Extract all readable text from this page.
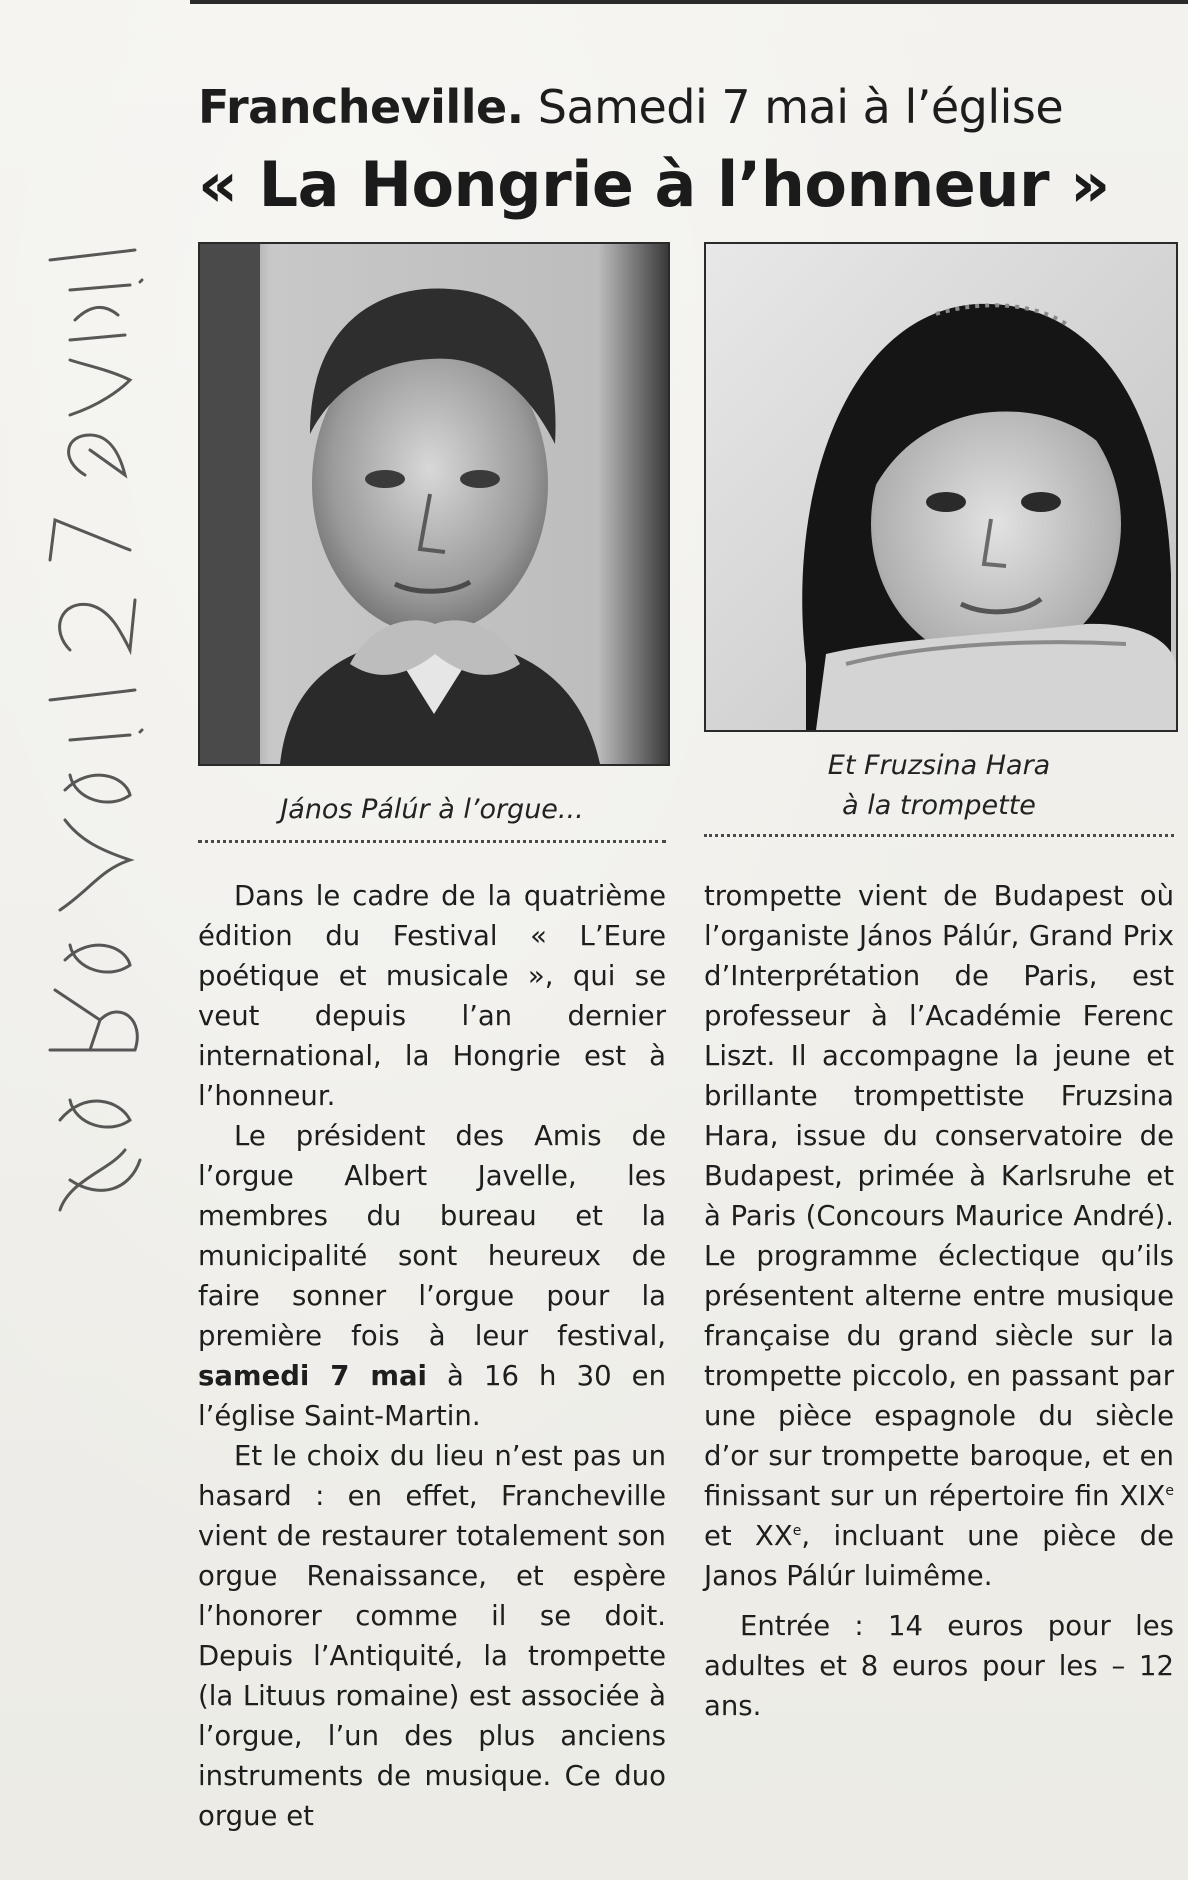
Francheville. Samedi 7 mai à l’église
« La Hongrie à l’honneur »
János Pálúr à l’orgue...
Et Fruzsina Hara
à la trompette

Dans le cadre de la quatrième édition du Festival « L’Eure poétique et musicale », qui se veut depuis l’an dernier international, la Hongrie est à l’honneur.

Le président des Amis de l’orgue Albert Javelle, les membres du bureau et la municipalité sont heureux de faire sonner l’orgue pour la première fois à leur festival, samedi 7 mai à 16 h 30 en l’église Saint-Martin.

Et le choix du lieu n’est pas un hasard : en effet, Francheville vient de restaurer totalement son orgue Renaissance, et espère l’honorer comme il se doit. Depuis l’Antiquité, la trompette (la Lituus romaine) est associée à l’orgue, l’un des plus anciens instruments de musique. Ce duo orgue et

trompette vient de Budapest où l’organiste János Pálúr, Grand Prix d’Interprétation de Paris, est professeur à l’Académie Ferenc Liszt. Il accompagne la jeune et brillante trompettiste Fruzsina Hara, issue du conservatoire de Budapest, primée à Karlsruhe et à Paris (Concours Maurice André). Le programme éclectique qu’ils présentent alterne entre musique française du grand siècle sur la trompette piccolo, en passant par une pièce espagnole du siècle d’or sur trompette baroque, et en finissant sur un répertoire fin XIXe et XXe, incluant une pièce de Janos Pálúr luimême.

Entrée : 14 euros pour les adultes et 8 euros pour les – 12 ans.
